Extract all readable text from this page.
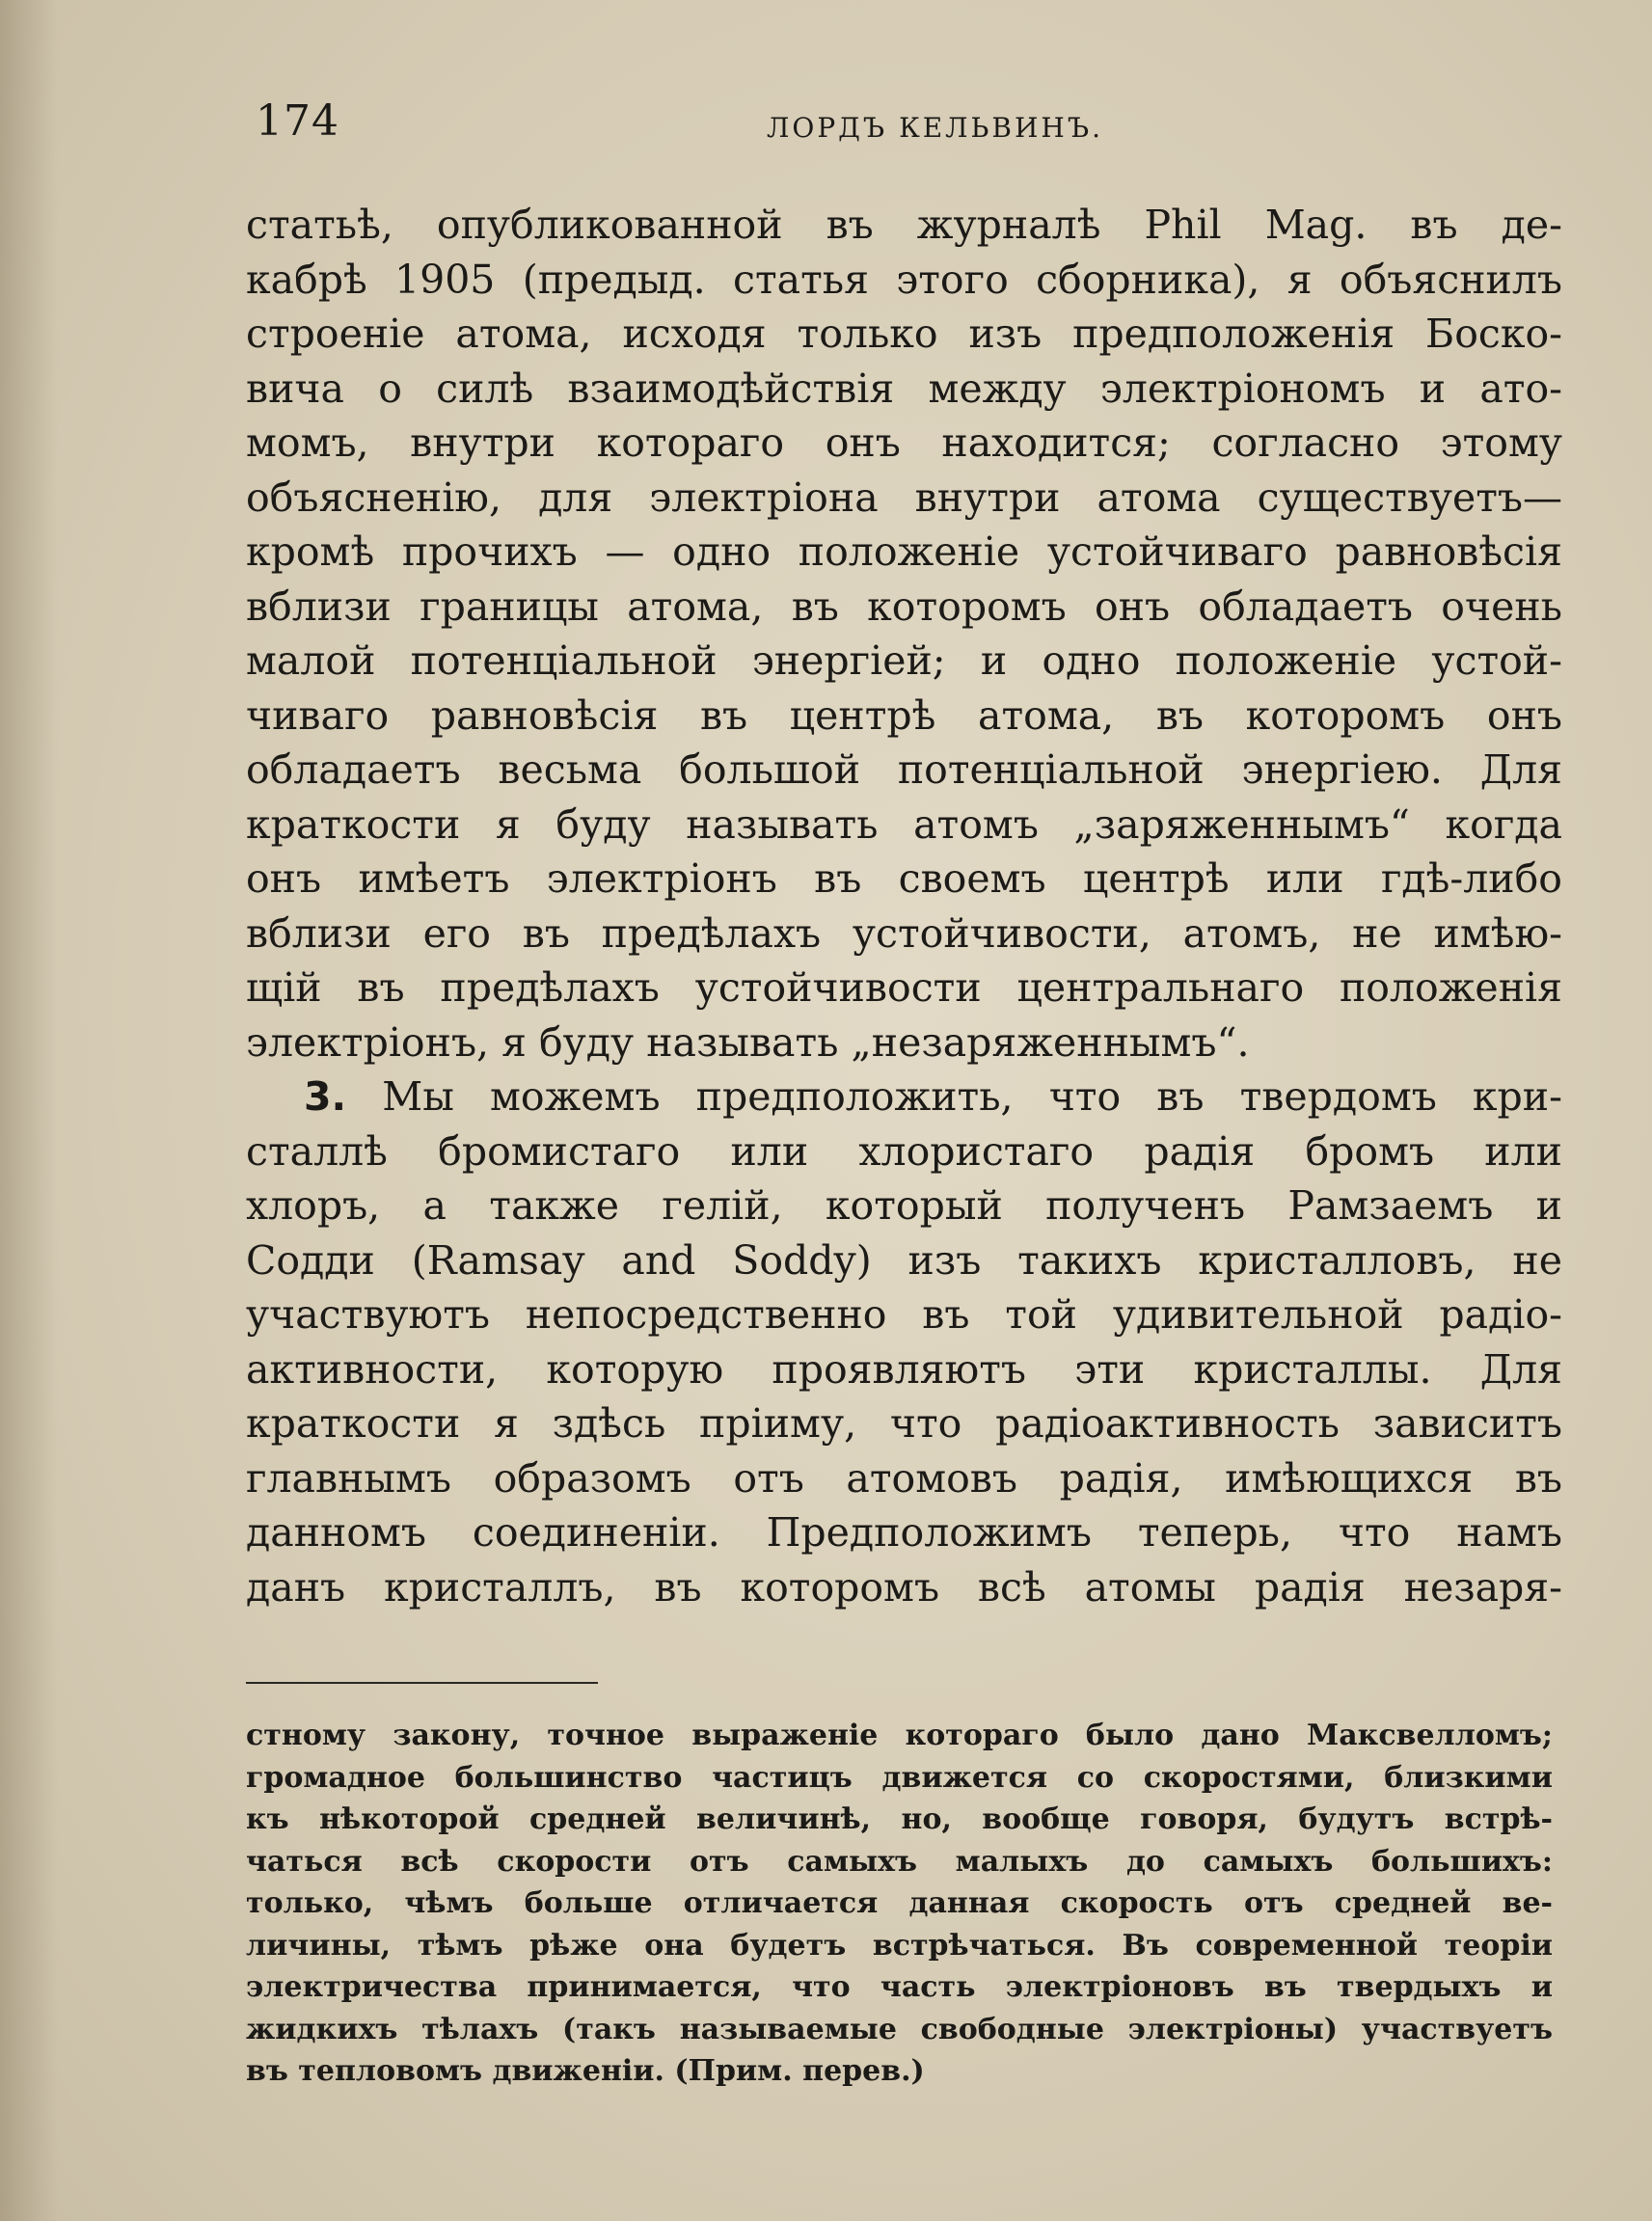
174	ЛОРДЪ КЕЛЬВИНЪ.
статьѣ, опубликованной въ журналѣ Phil Mag. въ де-
кабрѣ 1905 (предыд. статья этого сборника), я объяснилъ
строеніе атома, исходя только изъ предположенія Боско-
вича о силѣ взаимодѣйствія между электріономъ и ато-
момъ, внутри котораго онъ находится; согласно этому
объясненію, для электріона внутри атома существуетъ—
кромѣ прочихъ — одно положеніе устойчиваго равновѣсія
вблизи границы атома, въ которомъ онъ обладаетъ очень
малой потенціальной энергіей; и одно положеніе устой-
чиваго равновѣсія въ центрѣ атома, въ которомъ онъ
обладаетъ весьма большой потенціальной энергіею. Для
краткости я буду называть атомъ „заряженнымъ“ когда
онъ имѣетъ электріонъ въ своемъ центрѣ или гдѣ-либо
вблизи его въ предѣлахъ устойчивости, атомъ, не имѣю-
щій въ предѣлахъ устойчивости центральнаго положенія
электріонъ, я буду называть „незаряженнымъ“.
3. Мы можемъ предположить, что въ твердомъ кри-
сталлѣ бромистаго или хлористаго радія бромъ или
хлоръ, а также гелій, который полученъ Рамзаемъ и
Содди (Ramsay and Soddy) изъ такихъ кристалловъ, не
участвуютъ непосредственно въ той удивительной радіо-
активности, которую проявляютъ эти кристаллы. Для
краткости я здѣсь пріиму, что радіоактивность зависитъ
главнымъ образомъ отъ атомовъ радія, имѣющихся въ
данномъ соединеніи. Предположимъ теперь, что намъ
данъ кристаллъ, въ которомъ всѣ атомы радія незаря-
стному закону, точное выраженіе котораго было дано Максвелломъ;
громадное большинство частицъ движется со скоростями, близкими
къ нѣкоторой средней величинѣ, но, вообще говоря, будутъ встрѣ-
чаться всѣ скорости отъ самыхъ малыхъ до самыхъ большихъ:
только, чѣмъ больше отличается данная скорость отъ средней ве-
личины, тѣмъ рѣже она будетъ встрѣчаться. Въ современной теоріи
электричества принимается, что часть электріоновъ въ твердыхъ и
жидкихъ тѣлахъ (такъ называемые свободные электріоны) участвуетъ
въ тепловомъ движеніи. (Прим. перев.)
